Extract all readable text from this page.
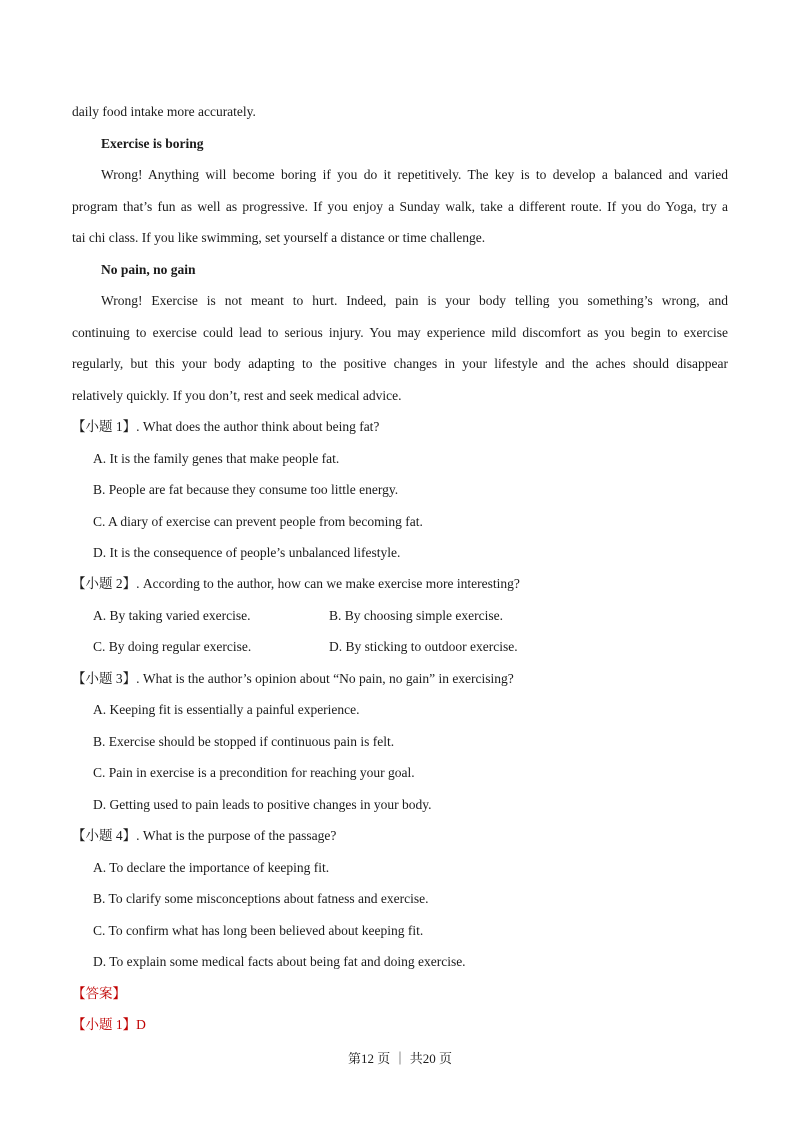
daily food intake more accurately.
Exercise is boring
Wrong! Anything will become boring if you do it repetitively. The key is to develop a balanced and varied
program that’s fun as well as progressive. If you enjoy a Sunday walk, take a different route. If you do Yoga, try a
tai chi class. If you like swimming, set yourself a distance or time challenge.
No pain, no gain
Wrong! Exercise is not meant to hurt. Indeed, pain is your body telling you something’s wrong, and
continuing to exercise could lead to serious injury. You may experience mild discomfort as you begin to exercise
regularly, but this your body adapting to the positive changes in your lifestyle and the aches should disappear
relatively quickly. If you don’t, rest and seek medical advice.
【小题 1】. What does the author think about being fat?
A. It is the family genes that make people fat.
B. People are fat because they consume too little energy.
C. A diary of exercise can prevent people from becoming fat.
D. It is the consequence of people’s unbalanced lifestyle.
【小题 2】. According to the author, how can we make exercise more interesting?
A. By taking varied exercise.	B. By choosing simple exercise.
C. By doing regular exercise.	D. By sticking to outdoor exercise.
【小题 3】. What is the author’s opinion about “No pain, no gain” in exercising?
A. Keeping fit is essentially a painful experience.
B. Exercise should be stopped if continuous pain is felt.
C. Pain in exercise is a precondition for reaching your goal.
D. Getting used to pain leads to positive changes in your body.
【小题 4】. What is the purpose of the passage?
A. To declare the importance of keeping fit.
B. To clarify some misconceptions about fatness and exercise.
C. To confirm what has long been believed about keeping fit.
D. To explain some medical facts about being fat and doing exercise.
【答案】
【小题 1】D
第12 页 ｜ 共20 页
